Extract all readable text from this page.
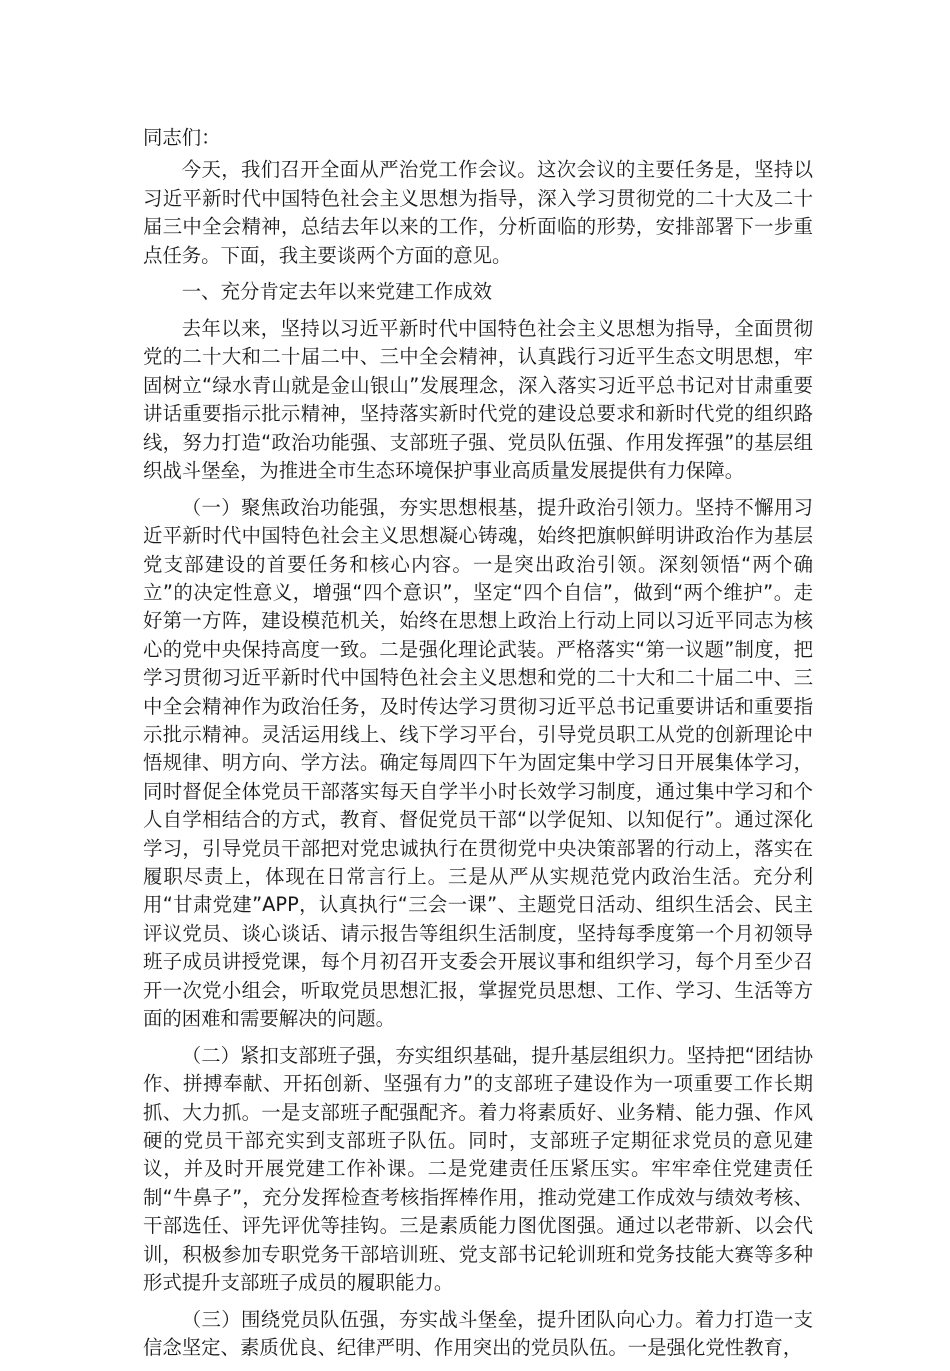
同志们：

今天，我们召开全面从严治党工作会议。这次会议的主要任务是，坚持以习近平新时代中国特色社会主义思想为指导，深入学习贯彻党的二十大及二十届三中全会精神，总结去年以来的工作，分析面临的形势，安排部署下一步重点任务。下面，我主要谈两个方面的意见。

一、充分肯定去年以来党建工作成效

去年以来，坚持以习近平新时代中国特色社会主义思想为指导，全面贯彻党的二十大和二十届二中、三中全会精神，认真践行习近平生态文明思想，牢固树立“绿水青山就是金山银山”发展理念，深入落实习近平总书记对甘肃重要讲话重要指示批示精神，坚持落实新时代党的建设总要求和新时代党的组织路线，努力打造“政治功能强、支部班子强、党员队伍强、作用发挥强”的基层组织战斗堡垒，为推进全市生态环境保护事业高质量发展提供有力保障。

（一）聚焦政治功能强，夯实思想根基，提升政治引领力。坚持不懈用习近平新时代中国特色社会主义思想凝心铸魂，始终把旗帜鲜明讲政治作为基层党支部建设的首要任务和核心内容。一是突出政治引领。深刻领悟“两个确立”的决定性意义，增强“四个意识”，坚定“四个自信”，做到“两个维护”。走好第一方阵，建设模范机关，始终在思想上政治上行动上同以习近平同志为核心的党中央保持高度一致。二是强化理论武装。严格落实“第一议题”制度，把学习贯彻习近平新时代中国特色社会主义思想和党的二十大和二十届二中、三中全会精神作为政治任务，及时传达学习贯彻习近平总书记重要讲话和重要指示批示精神。灵活运用线上、线下学习平台，引导党员职工从党的创新理论中悟规律、明方向、学方法。确定每周四下午为固定集中学习日开展集体学习，同时督促全体党员干部落实每天自学半小时长效学习制度，通过集中学习和个人自学相结合的方式，教育、督促党员干部“以学促知、以知促行”。通过深化学习，引导党员干部把对党忠诚执行在贯彻党中央决策部署的行动上，落实在履职尽责上，体现在日常言行上。三是从严从实规范党内政治生活。充分利用“甘肃党建”APP，认真执行“三会一课”、主题党日活动、组织生活会、民主评议党员、谈心谈话、请示报告等组织生活制度，坚持每季度第一个月初领导班子成员讲授党课，每个月初召开支委会开展议事和组织学习，每个月至少召开一次党小组会，听取党员思想汇报，掌握党员思想、工作、学习、生活等方面的困难和需要解决的问题。

（二）紧扣支部班子强，夯实组织基础，提升基层组织力。坚持把“团结协作、拼搏奉献、开拓创新、坚强有力”的支部班子建设作为一项重要工作长期抓、大力抓。一是支部班子配强配齐。着力将素质好、业务精、能力强、作风硬的党员干部充实到支部班子队伍。同时，支部班子定期征求党员的意见建议，并及时开展党建工作补课。二是党建责任压紧压实。牢牢牵住党建责任制“牛鼻子”，充分发挥检查考核指挥棒作用，推动党建工作成效与绩效考核、干部选任、评先评优等挂钩。三是素质能力图优图强。通过以老带新、以会代训，积极参加专职党务干部培训班、党支部书记轮训班和党务技能大赛等多种形式提升支部班子成员的履职能力。

（三）围绕党员队伍强，夯实战斗堡垒，提升团队向心力。着力打造一支信念坚定、素质优良、纪律严明、作用突出的党员队伍。一是强化党性教育，
